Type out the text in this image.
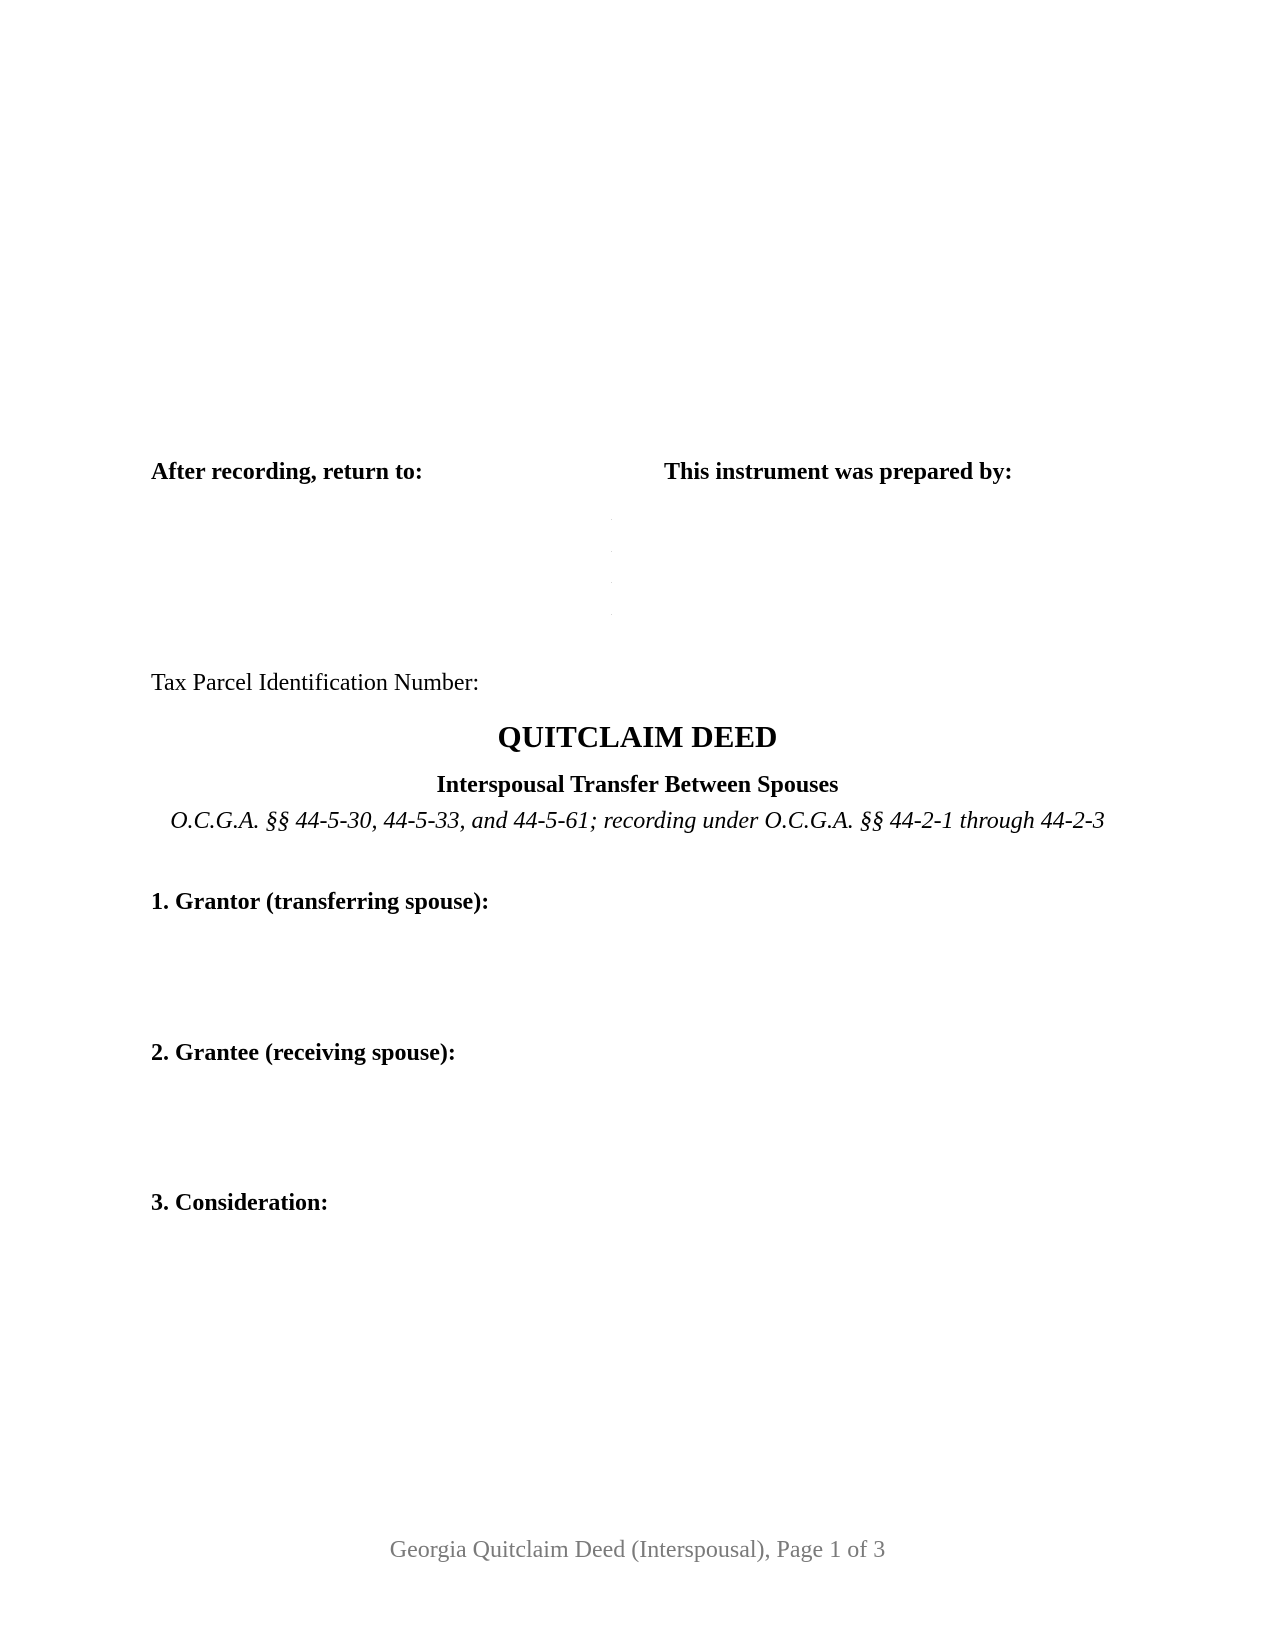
After recording, return to:	This instrument was prepared by:
Tax Parcel Identification Number:
QUITCLAIM DEED
Interspousal Transfer Between Spouses
O.C.G.A. §§ 44-5-30, 44-5-33, and 44-5-61; recording under O.C.G.A. §§ 44-2-1 through 44-2-3
1. Grantor (transferring spouse):
2. Grantee (receiving spouse):
3. Consideration:
Georgia Quitclaim Deed (Interspousal), Page 1 of 3
